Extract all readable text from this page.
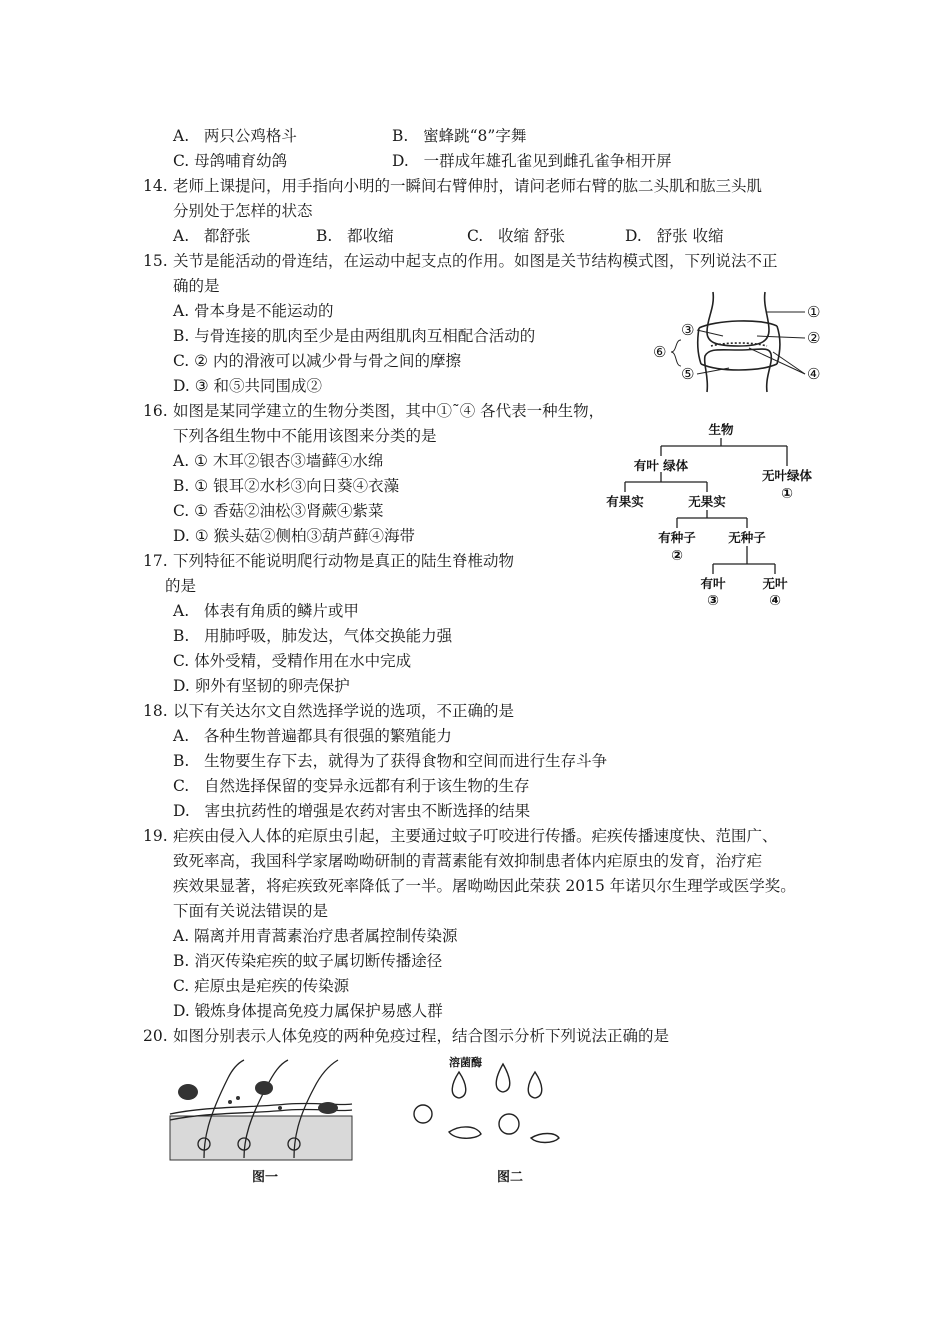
A. 两只公鸡格斗	B. 蜜蜂跳“8”字舞
C. 母鸽哺育幼鸽	D. 一群成年雄孔雀见到雌孔雀争相开屏
14. 老师上课提问，用手指向小明的一瞬间右臂伸肘，请问老师右臂的肱二头肌和肱三头肌
分别处于怎样的状态
A. 都舒张	B. 都收缩	C. 收缩 舒张	D. 舒张 收缩
15. 关节是能活动的骨连结，在运动中起支点的作用。如图是关节结构模式图，下列说法不正
确的是
A. 骨本身是不能运动的
B. 与骨连接的肌肉至少是由两组肌肉互相配合活动的
C. ② 内的滑液可以减少骨与骨之间的摩擦
D. ③ 和⑤共同围成②
①
②
③
④
⑤
⑥
16. 如图是某同学建立的生物分类图，其中①˜④ 各代表一种生物，
下列各组生物中不能用该图来分类的是
A. ① 木耳②银杏③墙藓④水绵
B. ① 银耳②水杉③向日葵④衣藻
C. ① 香菇②油松③肾蕨④紫菜
D. ① 猴头菇②侧柏③葫芦藓④海带
生物
有叶 绿体
无叶绿体
①
有果实	无果实
有种子
②
无种子
有叶
③
无叶
④
17. 下列特征不能说明爬行动物是真正的陆生脊椎动物
的是
A. 体表有角质的鳞片或甲
B. 用肺呼吸，肺发达，气体交换能力强
C. 体外受精，受精作用在水中完成
D. 卵外有坚韧的卵壳保护
18. 以下有关达尔文自然选择学说的选项，不正确的是
A. 各种生物普遍都具有很强的繁殖能力
B. 生物要生存下去，就得为了获得食物和空间而进行生存斗争
C. 自然选择保留的变异永远都有利于该生物的生存
D. 害虫抗药性的增强是农药对害虫不断选择的结果
19. 疟疾由侵入人体的疟原虫引起，主要通过蚊子叮咬进行传播。疟疾传播速度快、范围广、
致死率高，我国科学家屠呦呦研制的青蒿素能有效抑制患者体内疟原虫的发育，治疗疟
疾效果显著，将疟疾致死率降低了一半。屠呦呦因此荣获 2015 年诺贝尔生理学或医学奖。
下面有关说法错误的是
A. 隔离并用青蒿素治疗患者属控制传染源
B. 消灭传染疟疾的蚊子属切断传播途径
C. 疟原虫是疟疾的传染源
D. 锻炼身体提高免疫力属保护易感人群
20. 如图分别表示人体免疫的两种免疫过程，结合图示分析下列说法正确的是
图一
溶菌酶
图二
